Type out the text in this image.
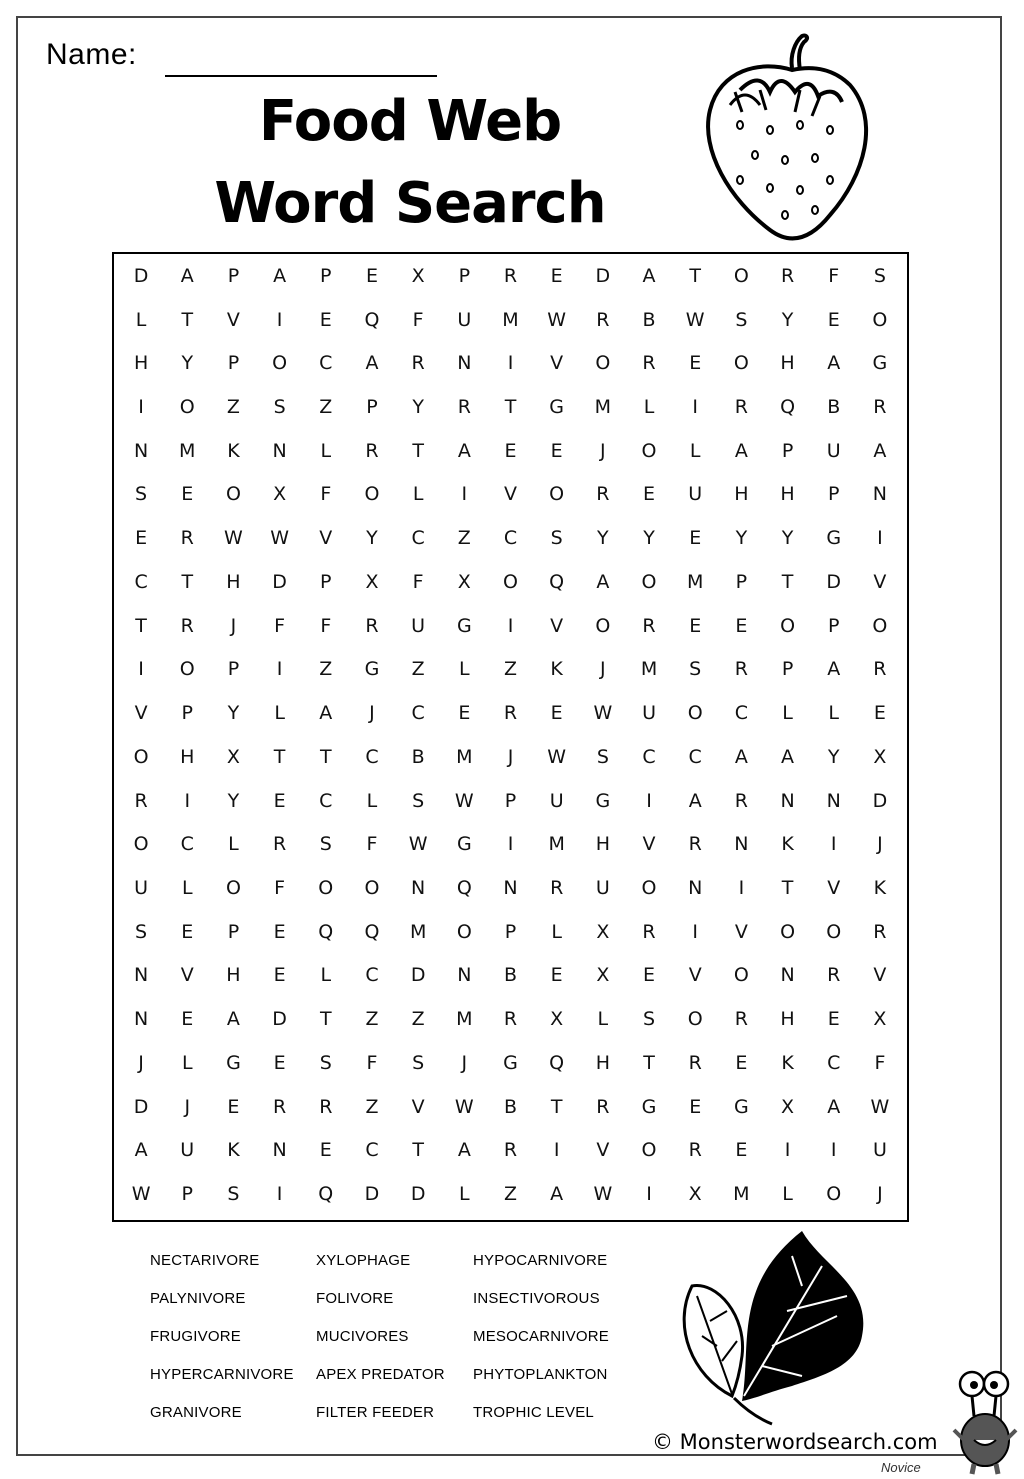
Name:
Food Web
Word Search
D	A	P	A	P	E	X	P	R	E	D	A	T	O	R	F	S
L	T	V	I	E	Q	F	U	M	W	R	B	W	S	Y	E	O
H	Y	P	O	C	A	R	N	I	V	O	R	E	O	H	A	G
I	O	Z	S	Z	P	Y	R	T	G	M	L	I	R	Q	B	R
N	M	K	N	L	R	T	A	E	E	J	O	L	A	P	U	A
S	E	O	X	F	O	L	I	V	O	R	E	U	H	H	P	N
E	R	W	W	V	Y	C	Z	C	S	Y	Y	E	Y	Y	G	I
C	T	H	D	P	X	F	X	O	Q	A	O	M	P	T	D	V
T	R	J	F	F	R	U	G	I	V	O	R	E	E	O	P	O
I	O	P	I	Z	G	Z	L	Z	K	J	M	S	R	P	A	R
V	P	Y	L	A	J	C	E	R	E	W	U	O	C	L	L	E
O	H	X	T	T	C	B	M	J	W	S	C	C	A	A	Y	X
R	I	Y	E	C	L	S	W	P	U	G	I	A	R	N	N	D
O	C	L	R	S	F	W	G	I	M	H	V	R	N	K	I	J
U	L	O	F	O	O	N	Q	N	R	U	O	N	I	T	V	K
S	E	P	E	Q	Q	M	O	P	L	X	R	I	V	O	O	R
N	V	H	E	L	C	D	N	B	E	X	E	V	O	N	R	V
N	E	A	D	T	Z	Z	M	R	X	L	S	O	R	H	E	X
J	L	G	E	S	F	S	J	G	Q	H	T	R	E	K	C	F
D	J	E	R	R	Z	V	W	B	T	R	G	E	G	X	A	W
A	U	K	N	E	C	T	A	R	I	V	O	R	E	I	I	U
W	P	S	I	Q	D	D	L	Z	A	W	I	X	M	L	O	J
NECTARIVORE
PALYNIVORE
FRUGIVORE
HYPERCARNIVORE
GRANIVORE
XYLOPHAGE
FOLIVORE
MUCIVORES
APEX PREDATOR
FILTER FEEDER
HYPOCARNIVORE
INSECTIVOROUS
MESOCARNIVORE
PHYTOPLANKTON
TROPHIC LEVEL
© Monsterwordsearch.com
Novice
